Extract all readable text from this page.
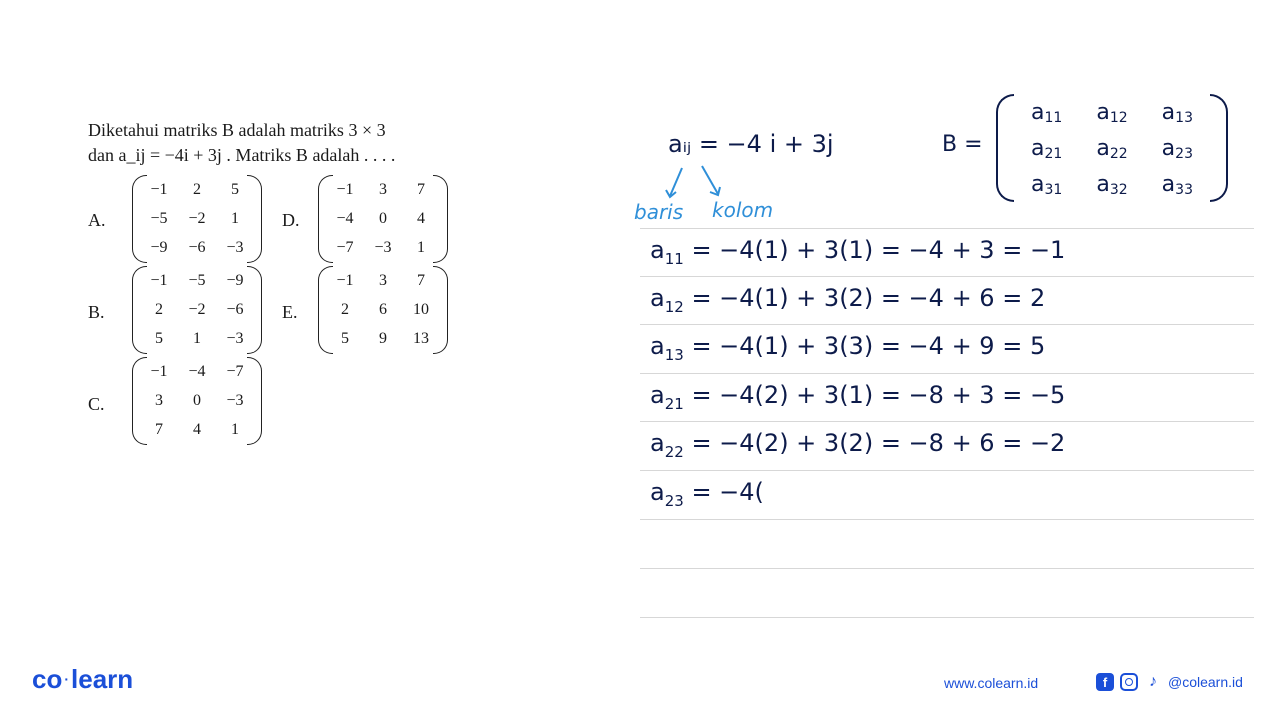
Diketahui matriks B adalah matriks 3 × 3
dan a_ij = −4i + 3j . Matriks B adalah . . . .
A.
−1	2	5
−5	−2	1
−9	−6	−3
D.
−1	3	7
−4	0	4
−7	−3	1
B.
−1	−5	−9
2	−2	−6
5	1	−3
E.
−1	3	7
2	6	10
5	9	13
C.
−1	−4	−7
3	0	−3
7	4	1
aᵢⱼ = −4 i + 3j
baris kolom
B =
a 11 a 12 a 13
a 21 a 22 a 23
a 31 a 32 a 33
$a_{11} = -4(1) + 3(1) = -4 + 3 = -1$
$a_{12} = -4(1) + 3(2) = -4 + 6 = 2$
$a_{13} = -4(1) + 3(3) = -4 + 9 = 5$
$a_{21} = -4(2) + 3(1) = -8 + 3 = -5$
$a_{22} = -4(2) + 3(2) = -8 + 6 = -2$
$a_{23} = -4$(
co ·learn	www.colearn.id	f	♪ @colearn.id
